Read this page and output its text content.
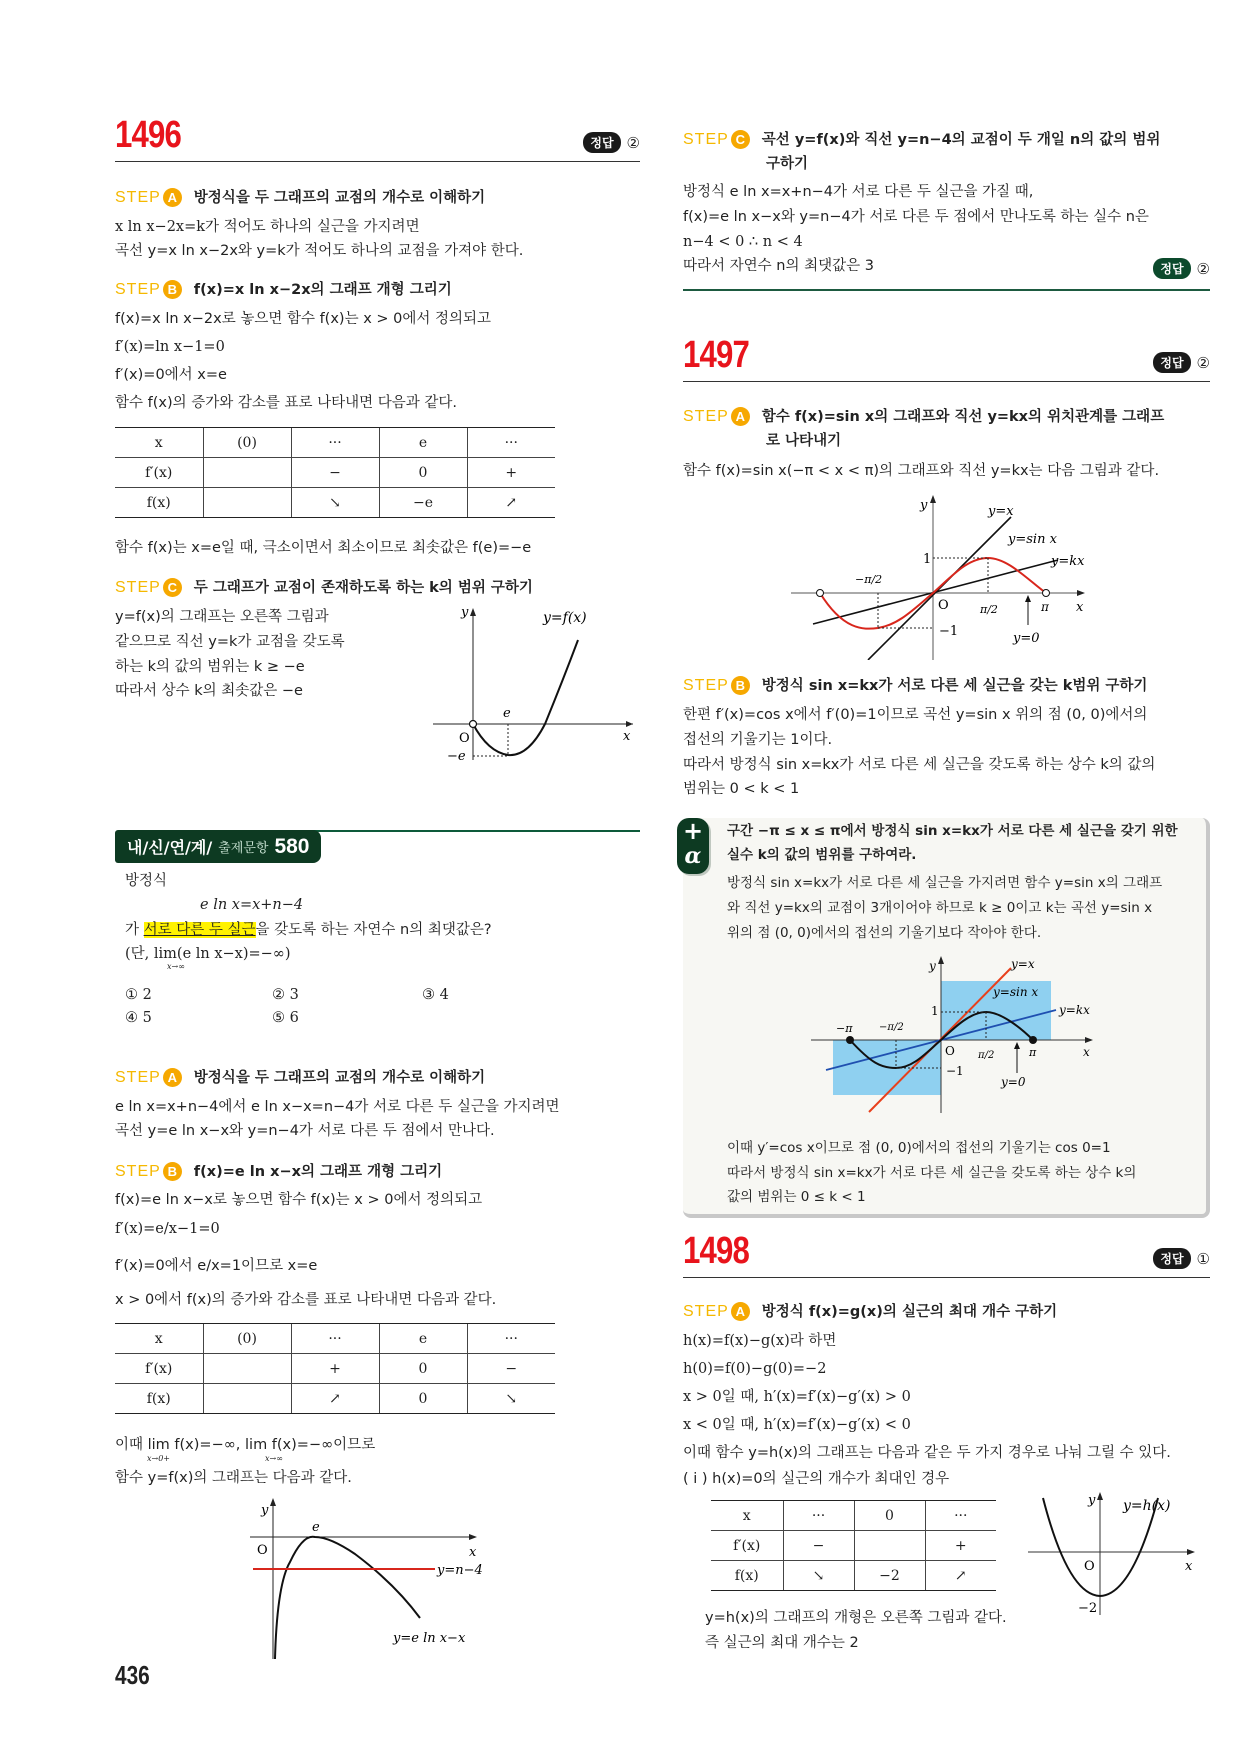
1496	정답 ②
STEP A	방정식을 두 그래프의 교점의 개수로 이해하기
x ln x−2x=k가 적어도 하나의 실근을 가지려면
곡선 y=x ln x−2x와 y=k가 적어도 하나의 교점을 가져야 한다.
STEP B	f(x)=x ln x−2x의 그래프 개형 그리기
f(x)=x ln x−2x로 놓으면 함수 f(x)는 x > 0에서 정의되고
f′(x)=ln x−1=0
f′(x)=0에서 x=e
함수 f(x)의 증가와 감소를 표로 나타내면 다음과 같다.
x	(0)	···	e	···
f′(x)		−	0	+
f(x)		↘	−e	↗
함수 f(x)는 x=e일 때, 극소이면서 최소이므로 최솟값은 f(e)=−e
STEP C	두 그래프가 교점이 존재하도록 하는 k의 범위 구하기
y=f(x)의 그래프는 오른쪽 그림과
같으므로 직선 y=k가 교점을 갖도록
하는 k의 값의 범위는 k ≥ −e
따라서 상수 k의 최솟값은 −e
y
x
O
e
−e
y=f(x)
내/신/연/계/ 출제문항 580
방정식
e ln x=x+n−4
가 서로 다른 두 실근을 갖도록 하는 자연수 n의 최댓값은?
(단, lim(e ln x−x)=−∞)
x→∞
① 2	② 3	③ 4
④ 5	⑤ 6
STEP A	방정식을 두 그래프의 교점의 개수로 이해하기
e ln x=x+n−4에서 e ln x−x=n−4가 서로 다른 두 실근을 가지려면
곡선 y=e ln x−x와 y=n−4가 서로 다른 두 점에서 만나다.
STEP B	f(x)=e ln x−x의 그래프 개형 그리기
f(x)=e ln x−x로 놓으면 함수 f(x)는 x > 0에서 정의되고
f′(x)=e/x−1=0
f′(x)=0에서 e/x=1이므로 x=e
x > 0에서 f(x)의 증가와 감소를 표로 나타내면 다음과 같다.
x	(0)	···	e	···
f′(x)		+	0	−
f(x)		↗	0	↘
이때 lim f(x)=−∞, lim f(x)=−∞이므로
x→0+	x→∞
함수 y=f(x)의 그래프는 다음과 같다.
y
x
O
e
y=n−4
y=e ln x−x
STEP C	곡선 y=f(x)와 직선 y=n−4의 교점이 두 개일 n의 값의 범위
구하기
방정식 e ln x=x+n−4가 서로 다른 두 실근을 가질 때,
f(x)=e ln x−x와 y=n−4가 서로 다른 두 점에서 만나도록 하는 실수 n은
n−4 < 0 ∴ n < 4
따라서 자연수 n의 최댓값은 3	정답 ②
1497	정답 ②
STEP A	함수 f(x)=sin x의 그래프와 직선 y=kx의 위치관계를 그래프
로 나타내기
함수 f(x)=sin x(−π < x < π)의 그래프와 직선 y=kx는 다음 그림과 같다.
y	y=x
y=sin x
y=kx
1
−π/2
O	π/2	π x
−1	y=0
STEP B	방정식 sin x=kx가 서로 다른 세 실근을 갖는 k범위 구하기
한편 f′(x)=cos x에서 f′(0)=1이므로 곡선 y=sin x 위의 점 (0, 0)에서의
접선의 기울기는 1이다.
따라서 방정식 sin x=kx가 서로 다른 세 실근을 갖도록 하는 상수 k의 값의
범위는 0 < k < 1
+
α
구간 −π ≤ x ≤ π에서 방정식 sin x=kx가 서로 다른 세 실근을 갖기 위한
실수 k의 값의 범위를 구하여라.
방정식 sin x=kx가 서로 다른 세 실근을 가지려면 함수 y=sin x의 그래프
와 직선 y=kx의 교점이 3개이어야 하므로 k ≥ 0이고 k는 곡선 y=sin x
위의 점 (0, 0)에서의 접선의 기울기보다 작아야 한다.
y	y=x
y=sin x
y=kx
1
−π	−π/2
O π/2	π	x
−1
y=0
이때 y′=cos x이므로 점 (0, 0)에서의 접선의 기울기는 cos 0=1
따라서 방정식 sin x=kx가 서로 다른 세 실근을 갖도록 하는 상수 k의
값의 범위는 0 ≤ k < 1
1498	정답 ①
STEP A	방정식 f(x)=g(x)의 실근의 최대 개수 구하기
h(x)=f(x)−g(x)라 하면
h(0)=f(0)−g(0)=−2
x > 0일 때, h′(x)=f′(x)−g′(x) > 0
x < 0일 때, h′(x)=f′(x)−g′(x) < 0
이때 함수 y=h(x)의 그래프는 다음과 같은 두 가지 경우로 나눠 그릴 수 있다.
( i ) h(x)=0의 실근의 개수가 최대인 경우
x	···	0	···
f′(x)	−		+
f(x)	↘	−2	↗
y=h(x)의 그래프의 개형은 오른쪽 그림과 같다.
즉 실근의 최대 개수는 2
y y=h(x)
O	x
−2
436
